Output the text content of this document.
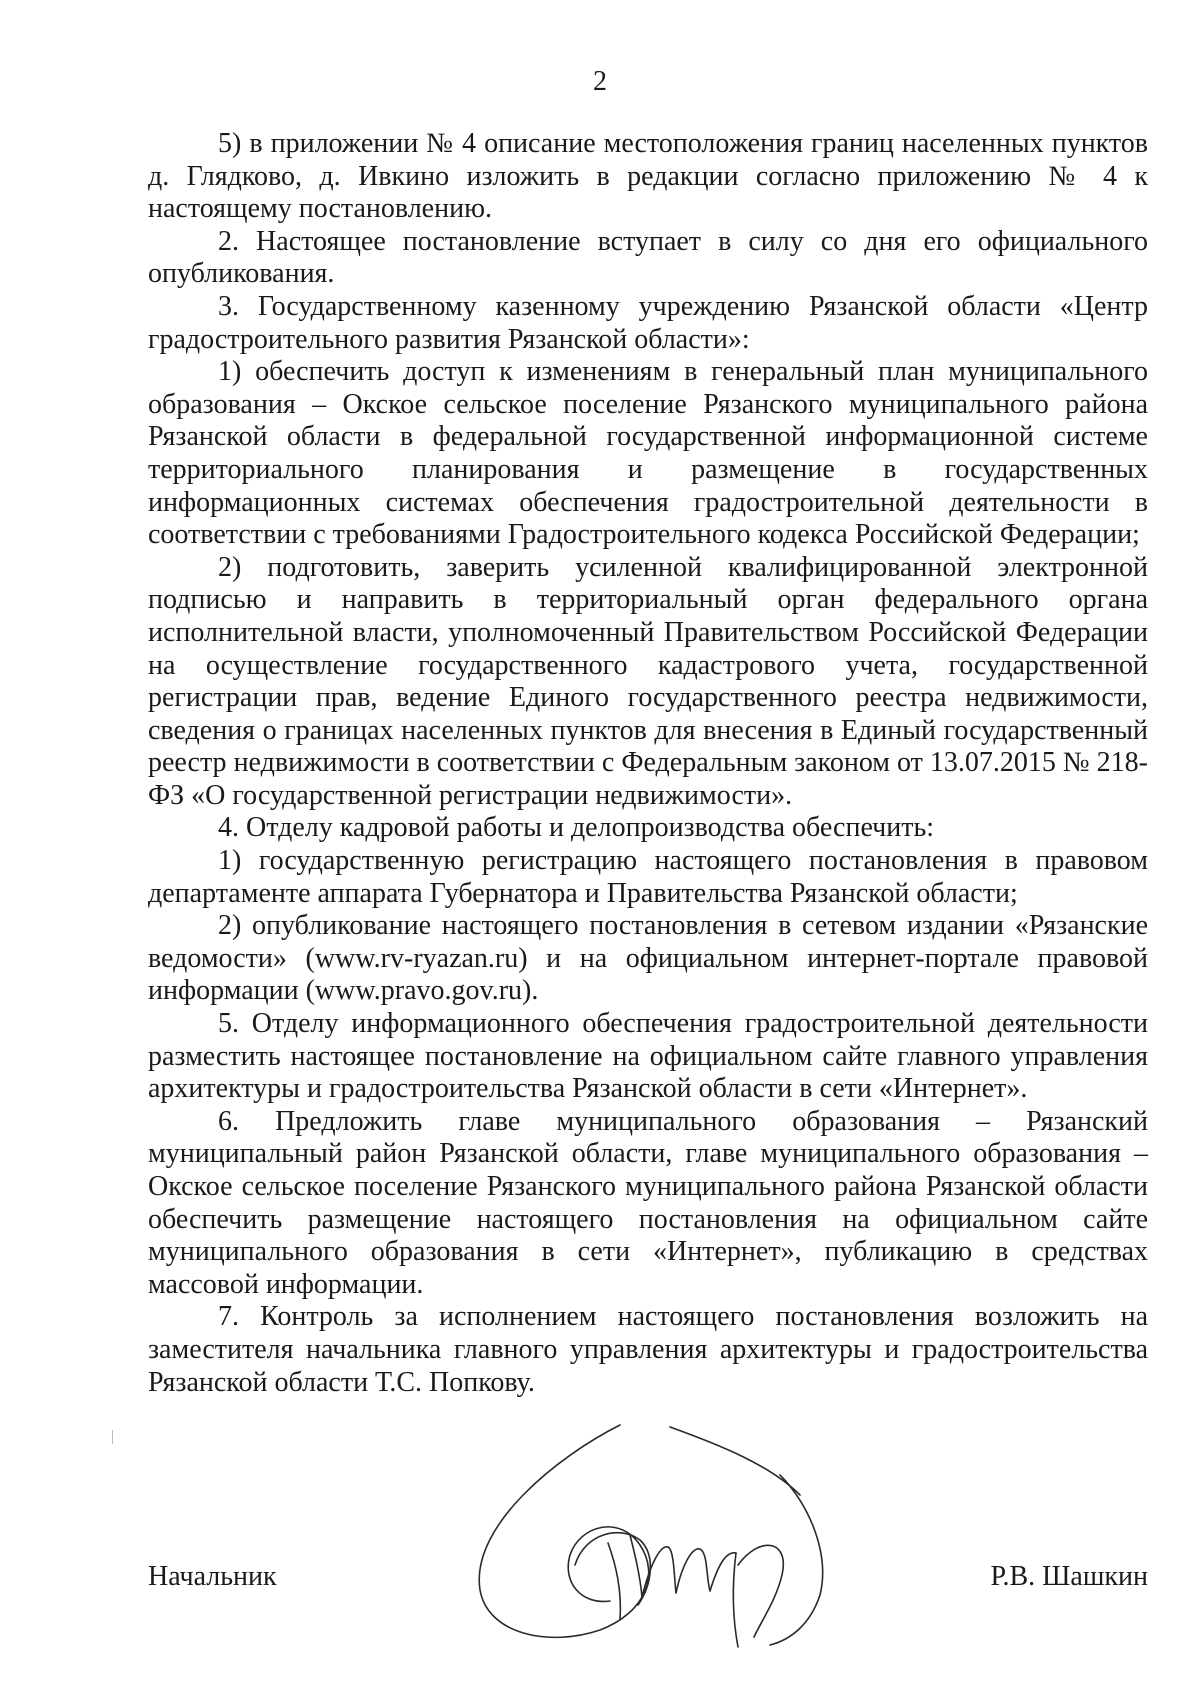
2

5) в приложении № 4 описание местоположения границ населенных пунктов д. Глядково, д. Ивкино изложить в редакции согласно приложению № 4 к настоящему постановлению.

2. Настоящее постановление вступает в силу со дня его официального опубликования.

3. Государственному казенному учреждению Рязанской области «Центр градостроительного развития Рязанской области»:

1) обеспечить доступ к изменениям в генеральный план муниципального образования – Окское сельское поселение Рязанского муниципального района Рязанской области в федеральной государственной информационной системе территориального планирования и размещение в государственных информационных системах обеспечения градостроительной деятельности в соответствии с требованиями Градостроительного кодекса Российской Федерации;

2) подготовить, заверить усиленной квалифицированной электронной подписью и направить в территориальный орган федерального органа исполнительной власти, уполномоченный Правительством Российской Федерации на осуществление государственного кадастрового учета, государственной регистрации прав, ведение Единого государственного реестра недвижимости, сведения о границах населенных пунктов для внесения в Единый государственный реестр недвижимости в соответствии с Федеральным законом от 13.07.2015 № 218-ФЗ «О государственной регистрации недвижимости».

4. Отделу кадровой работы и делопроизводства обеспечить:

1) государственную регистрацию настоящего постановления в правовом департаменте аппарата Губернатора и Правительства Рязанской области;

2) опубликование настоящего постановления в сетевом издании «Рязанские ведомости» (www.rv-ryazan.ru) и на официальном интернет-портале правовой информации (www.pravo.gov.ru).

5. Отделу информационного обеспечения градостроительной деятельности разместить настоящее постановление на официальном сайте главного управления архитектуры и градостроительства Рязанской области в сети «Интернет».

6. Предложить главе муниципального образования – Рязанский муниципальный район Рязанской области, главе муниципального образования – Окское сельское поселение Рязанского муниципального района Рязанской области обеспечить размещение настоящего постановления на официальном сайте муниципального образования в сети «Интернет», публикацию в средствах массовой информации.

7. Контроль за исполнением настоящего постановления возложить на заместителя начальника главного управления архитектуры и градостроительства Рязанской области Т.С. Попкову.

Начальник	Р.В. Шашкин
